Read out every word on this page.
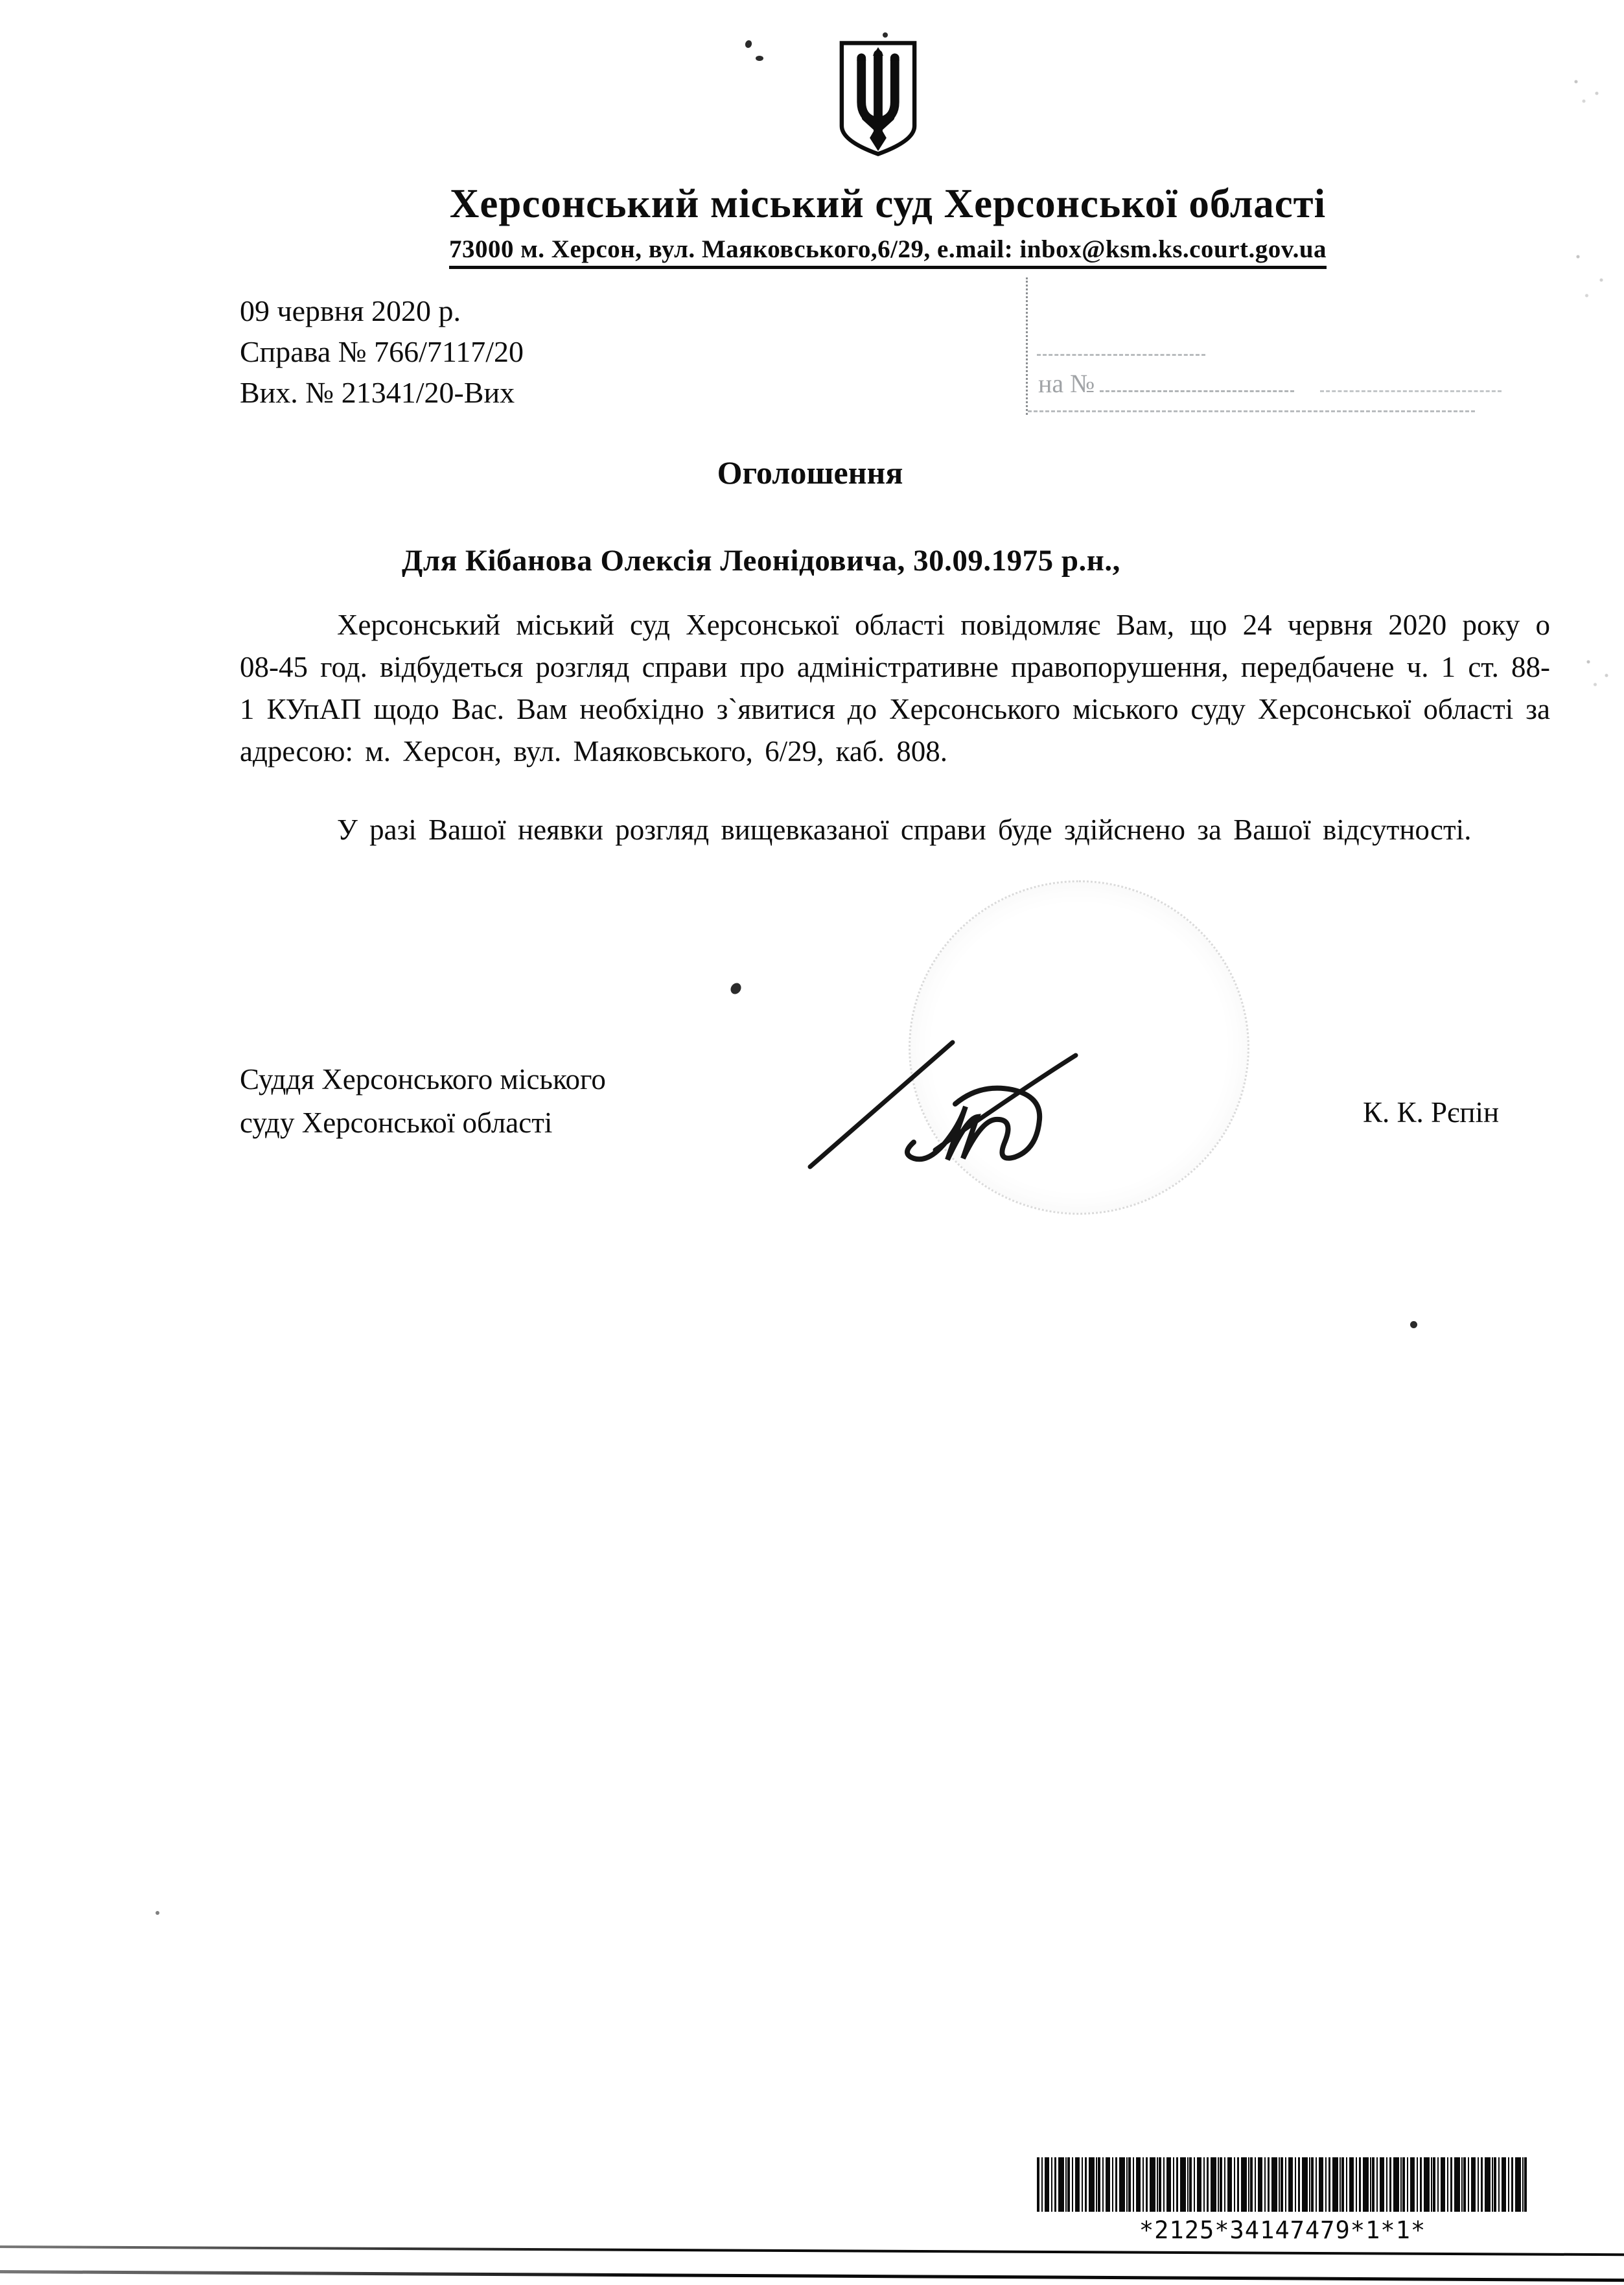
Херсонський міський суд Херсонської області
73000 м. Херсон, вул. Маяковського,6/29, e.mail: inbox@ksm.ks.court.gov.ua
09 червня 2020 р.
Справа № 766/7117/20
Вих. № 21341/20-Вих	на №
Оголошення
Для Кібанова Олексія Леонідовича, 30.09.1975 р.н.,
Херсонський міський суд Херсонської області повідомляє Вам, що 24 червня 2020 року о 08-45 год. відбудеться розгляд справи про адміністративне правопорушення, передбачене ч. 1 ст. 88-1 КУпАП щодо Вас. Вам необхідно з`явитися до Херсонського міського суду Херсонської області за адресою: м. Херсон, вул. Маяковського, 6/29, каб. 808.
У разі Вашої неявки розгляд вищевказаної справи буде здійснено за Вашої відсутності.
Суддя Херсонського міського
суду Херсонської області	К. К. Рєпін
*2125*34147479*1*1*
